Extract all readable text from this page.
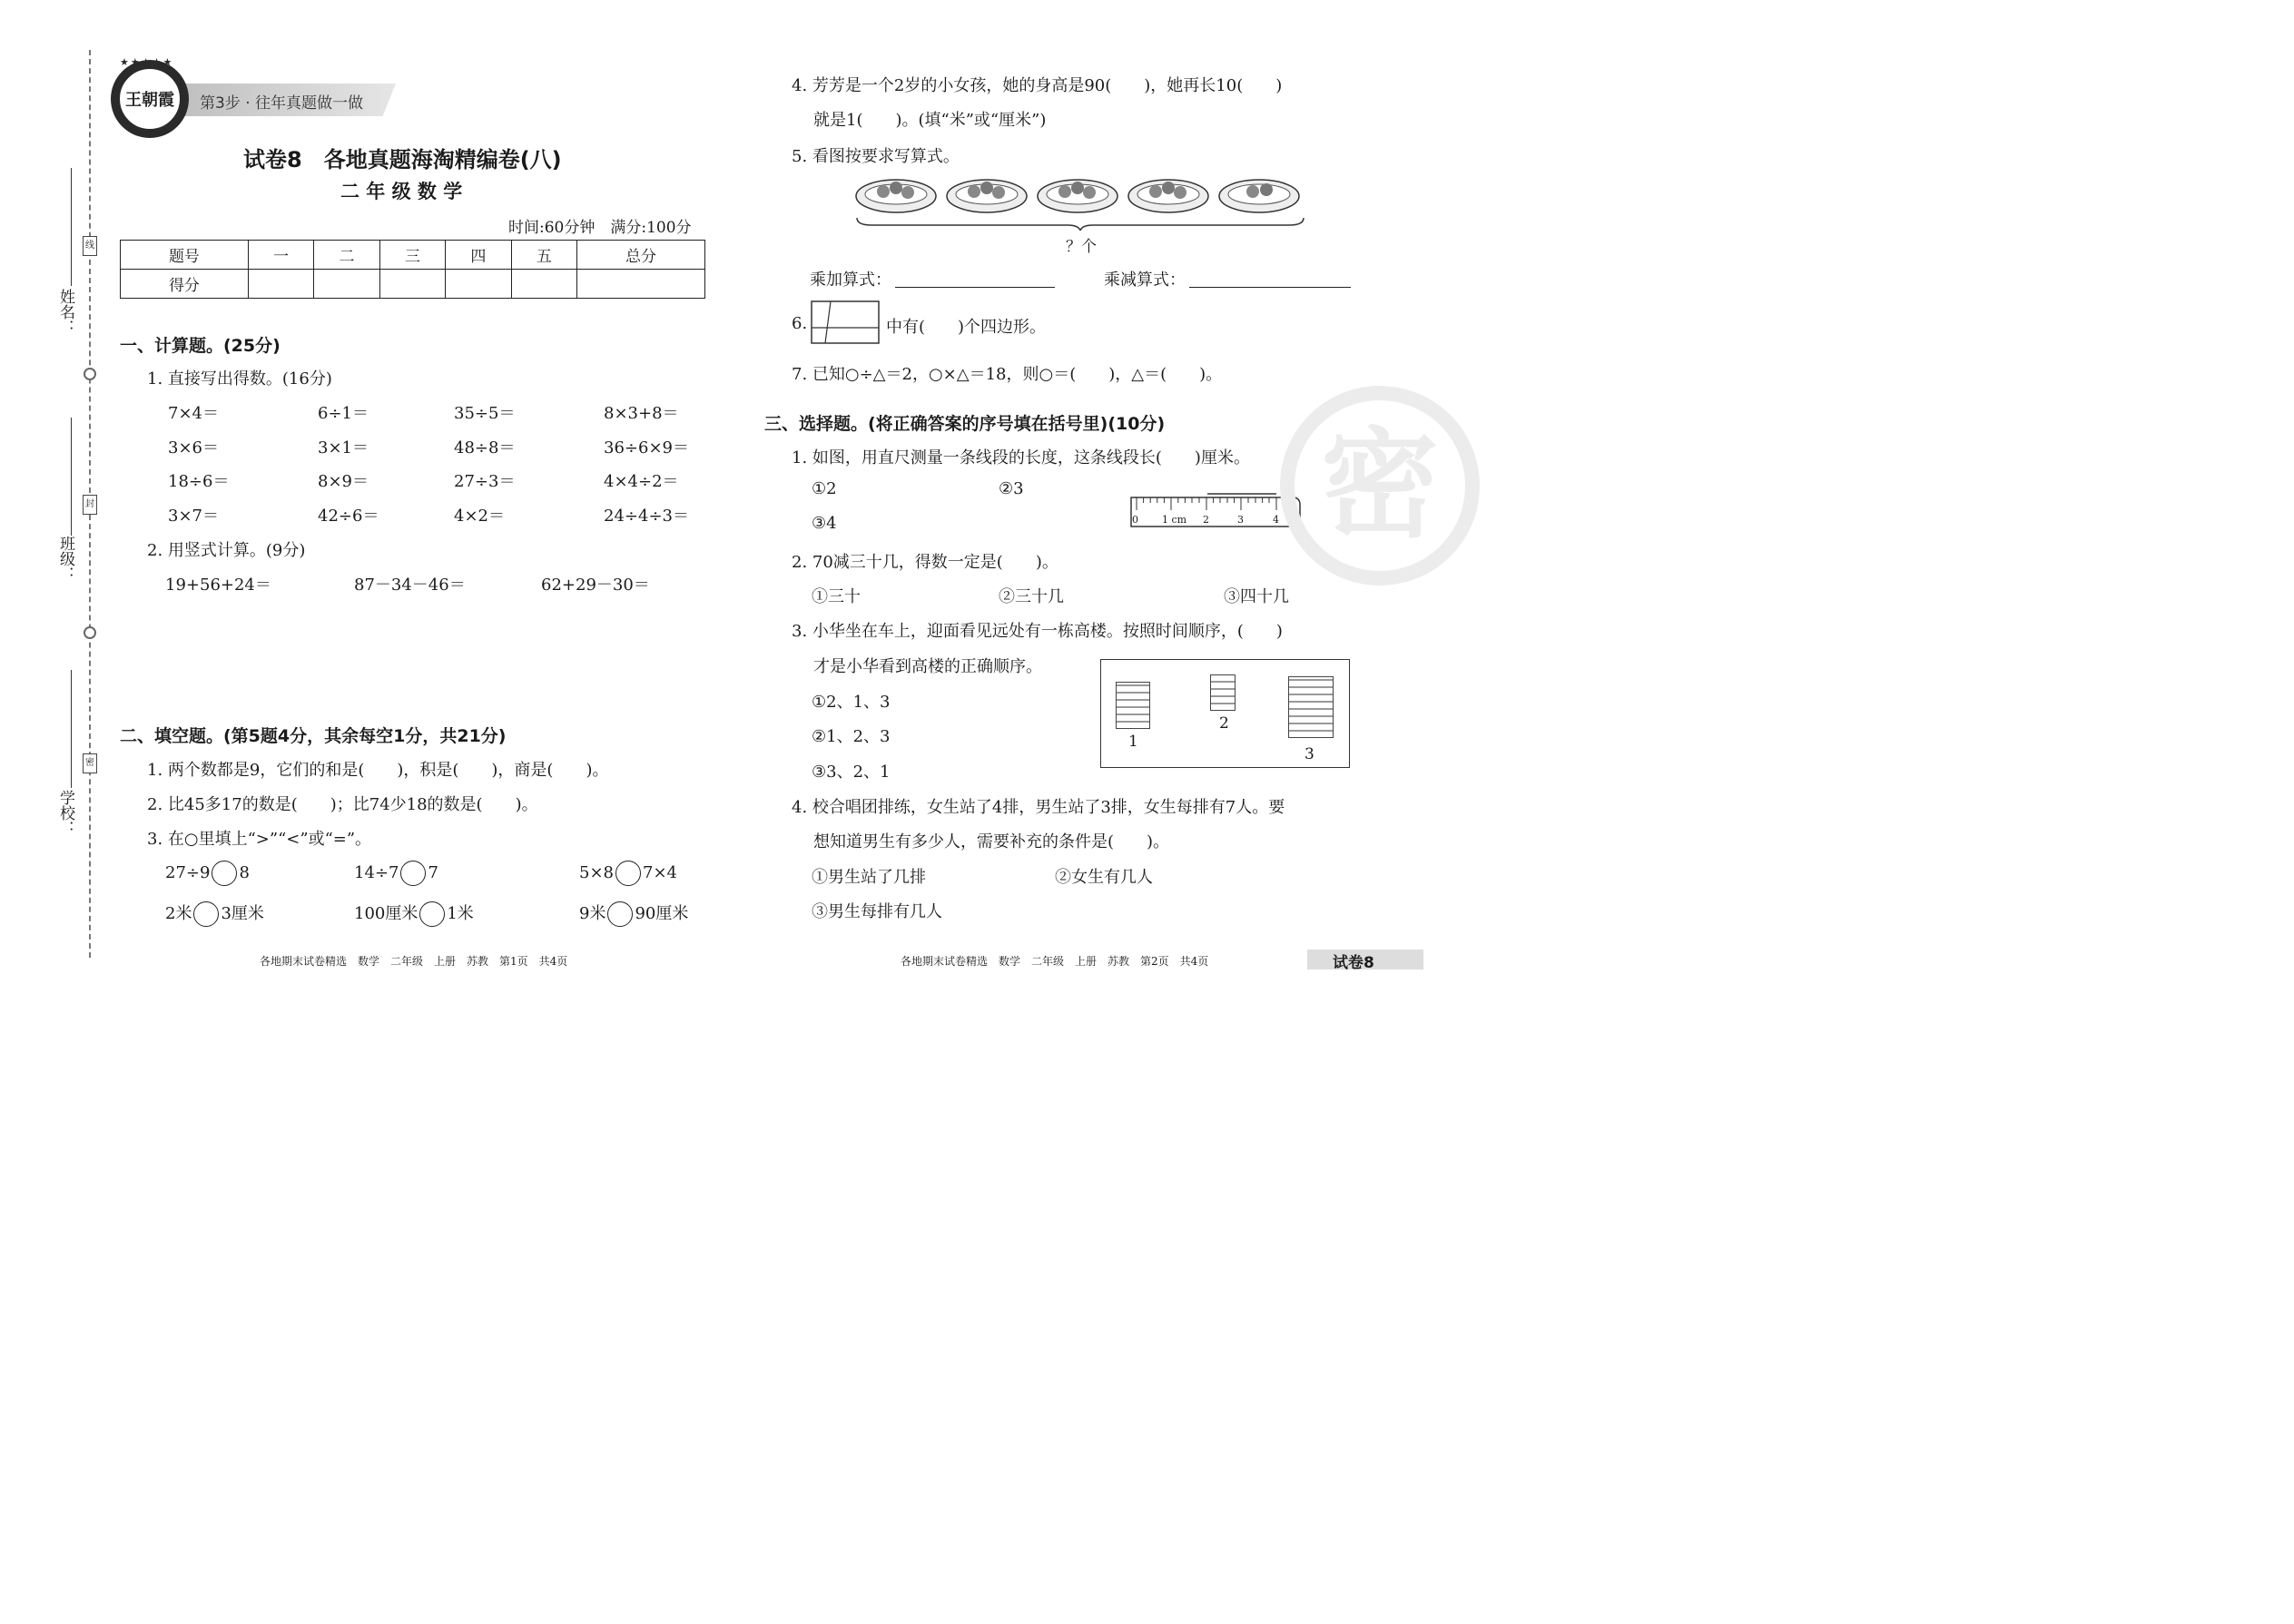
线
封
密
姓名：
班级：
学校：
第3步 · 往年真题做一做
王朝霞
★★★★★
试卷8　各地真题海淘精编卷(八)
二 年 级 数 学
时间:60分钟　满分:100分
题号	一	二	三	四	五	总分
得分						
一、计算题。(25分)
1. 直接写出得数。(16分)
7×4＝	6÷1＝	35÷5＝	8×3+8＝
3×6＝	3×1＝	48÷8＝	36÷6×9＝
18÷6＝	8×9＝	27÷3＝	4×4÷2＝
3×7＝	42÷6＝	4×2＝	24÷4÷3＝
2. 用竖式计算。(9分)
19+56+24＝	87－34－46＝	62+29－30＝
二、填空题。(第5题4分，其余每空1分，共21分)
1. 两个数都是9，它们的和是(　　)，积是(　　)，商是(　　)。
2. 比45多17的数是(　　)；比74少18的数是(　　)。
3. 在○里填上“>”“<”或“=”。
27÷9 8	14÷7 7	5×8 7×4
2米 3厘米	100厘米 1米	9米 90厘米
4. 芳芳是一个2岁的小女孩，她的身高是90(　　)，她再长10(　　)
就是1(　　)。(填“米”或“厘米”)
5. 看图按要求写算式。
？个
乘加算式：	乘减算式：
6.	中有(　　)个四边形。
7. 已知○÷△＝2，○×△＝18，则○＝(　　)，△＝(　　)。
三、选择题。(将正确答案的序号填在括号里)(10分)
1. 如图，用直尺测量一条线段的长度，这条线段长(　　)厘米。
①2	②3
③4	0 1 cm 2	3	4
2. 70减三十几，得数一定是(　　)。
①三十	②三十几	③四十几
3. 小华坐在车上，迎面看见远处有一栋高楼。按照时间顺序，(　　)
才是小华看到高楼的正确顺序。
①2、1、3
②1、2、3
③3、2、1
1
2
3
4. 校合唱团排练，女生站了4排，男生站了3排，女生每排有7人。要
想知道男生有多少人，需要补充的条件是(　　)。
①男生站了几排	②女生有几人
③男生每排有几人
密
各地期末试卷精选　数学　二年级　上册　苏教　第1页　共4页	各地期末试卷精选　数学　二年级　上册　苏教　第2页　共4页	试卷8
